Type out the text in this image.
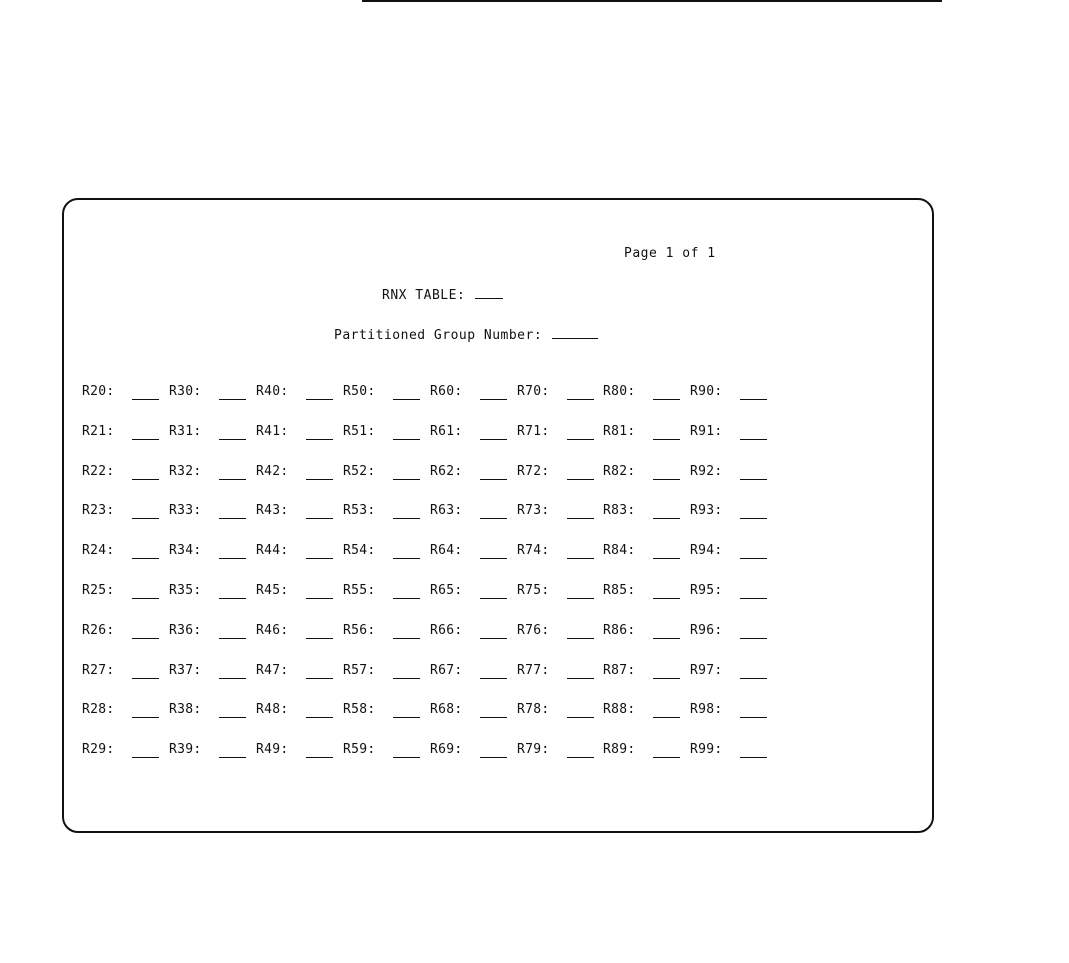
Page 1 of 1
RNX TABLE:
Partitioned Group Number:
R20:	R30:	R40:	R50:	R60:	R70:	R80:	R90:
R21:	R31:	R41:	R51:	R61:	R71:	R81:	R91:
R22:	R32:	R42:	R52:	R62:	R72:	R82:	R92:
R23:	R33:	R43:	R53:	R63:	R73:	R83:	R93:
R24:	R34:	R44:	R54:	R64:	R74:	R84:	R94:
R25:	R35:	R45:	R55:	R65:	R75:	R85:	R95:
R26:	R36:	R46:	R56:	R66:	R76:	R86:	R96:
R27:	R37:	R47:	R57:	R67:	R77:	R87:	R97:
R28:	R38:	R48:	R58:	R68:	R78:	R88:	R98:
R29:	R39:	R49:	R59:	R69:	R79:	R89:	R99:
